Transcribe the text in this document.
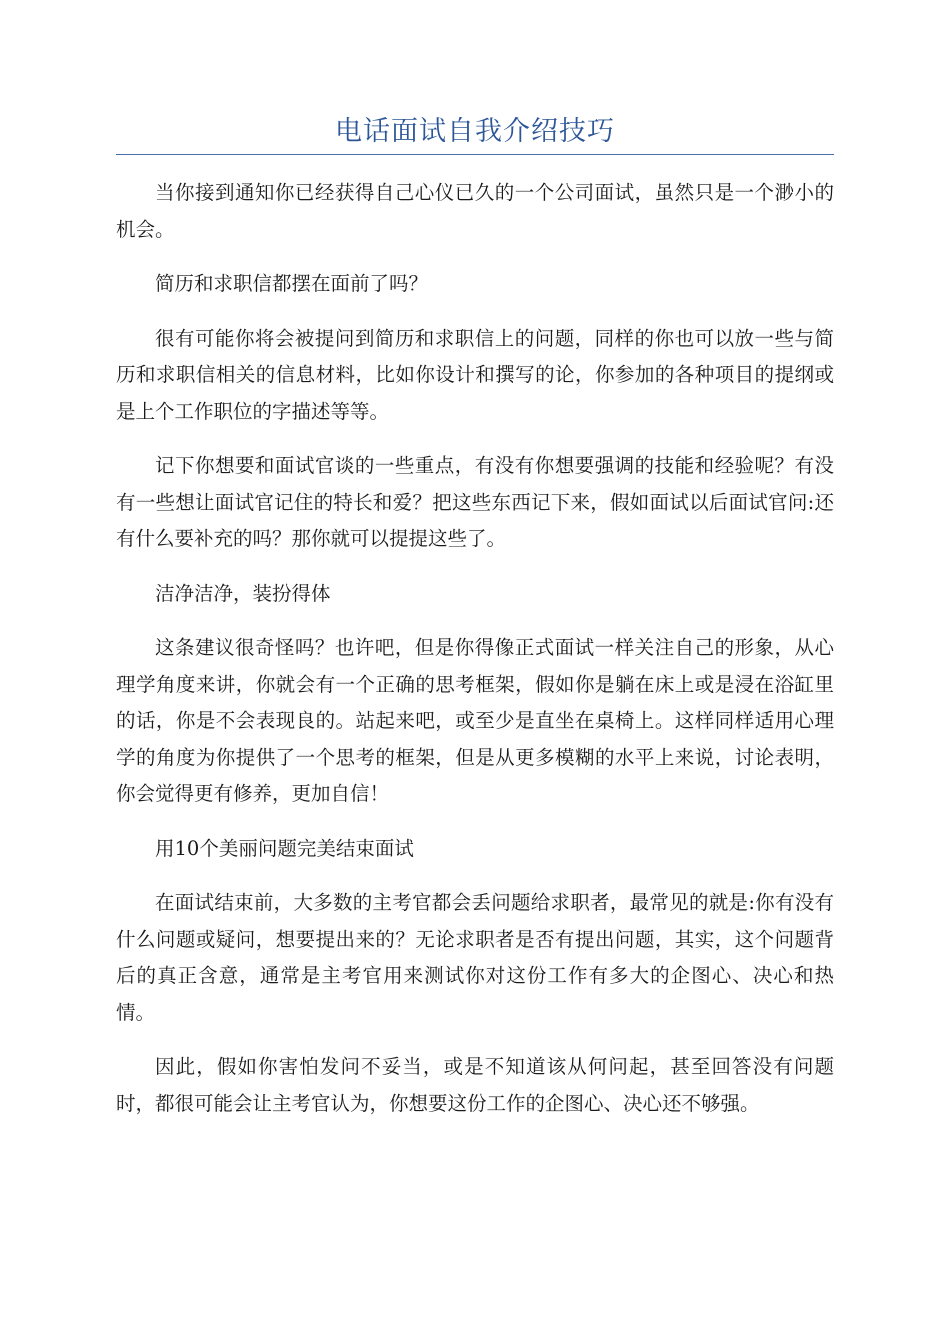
电话面试自我介绍技巧

当你接到通知你已经获得自己心仪已久的一个公司面试，虽然只是一个渺小的机会。

简历和求职信都摆在面前了吗？

很有可能你将会被提问到简历和求职信上的问题，同样的你也可以放一些与简历和求职信相关的信息材料，比如你设计和撰写的论，你参加的各种项目的提纲或是上个工作职位的字描述等等。

记下你想要和面试官谈的一些重点，有没有你想要强调的技能和经验呢？有没有一些想让面试官记住的特长和爱？把这些东西记下来，假如面试以后面试官问:还有什么要补充的吗？那你就可以提提这些了。

洁净洁净，装扮得体

这条建议很奇怪吗？也许吧，但是你得像正式面试一样关注自己的形象，从心理学角度来讲，你就会有一个正确的思考框架，假如你是躺在床上或是浸在浴缸里的话，你是不会表现良的。站起来吧，或至少是直坐在桌椅上。这样同样适用心理学的角度为你提供了一个思考的框架，但是从更多模糊的水平上来说，讨论表明，你会觉得更有修养，更加自信！

用10个美丽问题完美结束面试

在面试结束前，大多数的主考官都会丢问题给求职者，最常见的就是:你有没有什么问题或疑问，想要提出来的？无论求职者是否有提出问题，其实，这个问题背后的真正含意，通常是主考官用来测试你对这份工作有多大的企图心、决心和热情。

因此，假如你害怕发问不妥当，或是不知道该从何问起，甚至回答没有问题时，都很可能会让主考官认为，你想要这份工作的企图心、决心还不够强。
